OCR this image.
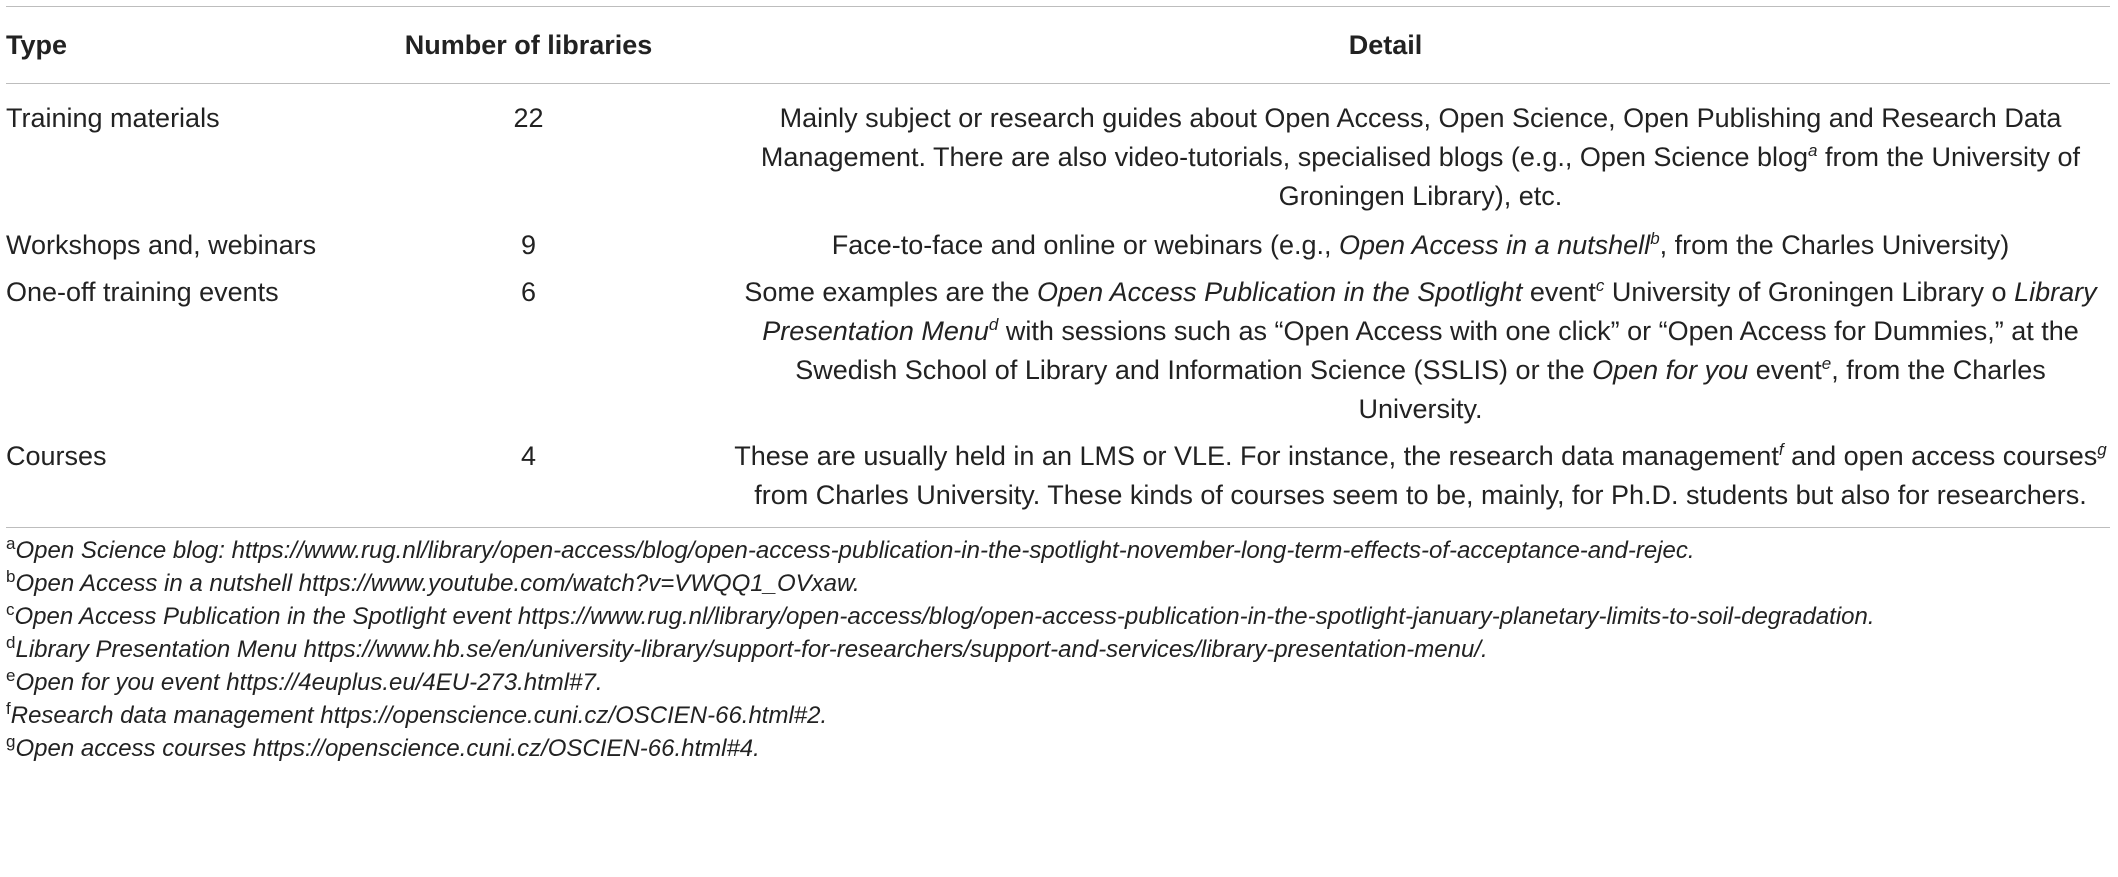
Type	Number of libraries	Detail
Training materials	22	Mainly subject or research guides about Open Access, Open Science, Open Publishing and Research Data Management. There are also video-tutorials, specialised blogs (e.g., Open Science blog$^a$ from the University of Groningen Library), etc.
Workshops and, webinars	9	Face-to-face and online or webinars (e.g., Open Access in a nutshell$^b$, from the Charles University)
One-off training events	6	Some examples are the Open Access Publication in the Spotlight event$^c$ University of Groningen Library o Library Presentation Menu$^d$ with sessions such as “Open Access with one click” or “Open Access for Dummies,” at the Swedish School of Library and Information Science (SSLIS) or the Open for you event$^e$, from the Charles University.
Courses	4	These are usually held in an LMS or VLE. For instance, the research data management$^f$ and open access courses$^g$ from Charles University. These kinds of courses seem to be, mainly, for Ph.D. students but also for researchers.
$^a$Open Science blog: https://www.rug.nl/library/open-access/blog/open-access-publication-in-the-spotlight-november-long-term-effects-of-acceptance-and-rejec.
$^b$Open Access in a nutshell https://www.youtube.com/watch?v=VWQQ1_OVxaw.
$^c$Open Access Publication in the Spotlight event https://www.rug.nl/library/open-access/blog/open-access-publication-in-the-spotlight-january-planetary-limits-to-soil-degradation.
$^d$Library Presentation Menu https://www.hb.se/en/university-library/support-for-researchers/support-and-services/library-presentation-menu/.
$^e$Open for you event https://4euplus.eu/4EU-273.html#7.
$^f$Research data management https://openscience.cuni.cz/OSCIEN-66.html#2.
$^g$Open access courses https://openscience.cuni.cz/OSCIEN-66.html#4.
